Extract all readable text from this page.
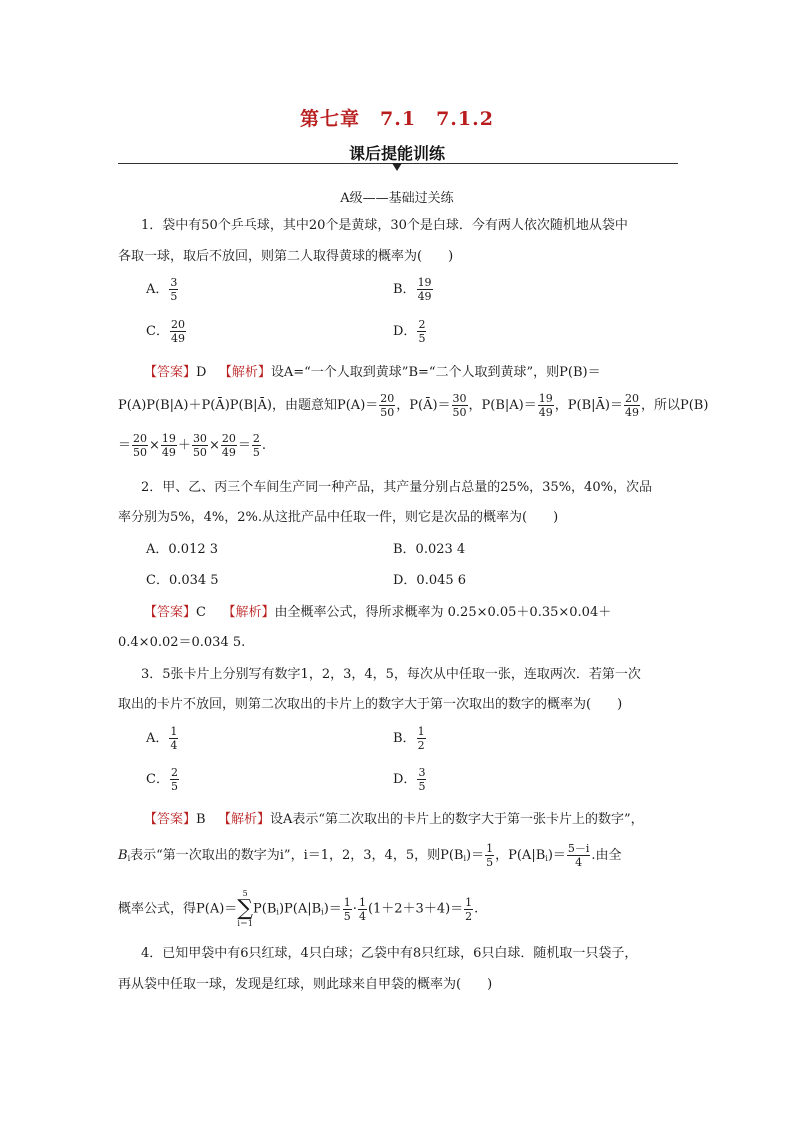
第七章　7.1　7.1.2
课后提能训练
A级——基础过关练
1．袋中有50个乒乓球，其中20个是黄球，30个是白球．今有两人依次随机地从袋中
各取一球，取后不放回，则第二人取得黄球的概率为(　　)
A． $\frac{3}{5}$	B． $\frac{19}{49}$
C． $\frac{20}{49}$	D． $\frac{2}{5}$
【答案】D 【解析】设A=“一个人取到黄球”B=“二个人取到黄球”，则P(B)＝
P(A)P(B|A)＋P(Ā)P(B|Ā)，由题意知$P(A)= \frac{20}{50}$ ，P(Ā)＝ $\frac{30}{50}$ ，$P(B|A)= \frac{19}{49}$ ，P(B|Ā)＝ $\frac{20}{49}$ ，所以P(B)
＝ $\frac{20}{50} \times \frac{19}{49} + \frac{30}{50} \times \frac{20}{49} = \frac{2}{5}$ .
2．甲、乙、丙三个车间生产同一种产品，其产量分别占总量的25%，35%，40%，次品
率分别为5%，4%，2%.从这批产品中任取一件，则它是次品的概率为(　　)
A．0.012 3	B．0.023 4
C．0.034 5	D．0.045 6
【答案】C 【解析】由全概率公式，得所求概率为 0.25×0.05＋0.35×0.04＋
0.4×0.02＝0.034 5.
3．5张卡片上分别写有数字1，2，3，4，5，每次从中任取一张，连取两次．若第一次
取出的卡片不放回，则第二次取出的卡片上的数字大于第一次取出的数字的概率为(　　)
A． $\frac{1}{4}$	B． $\frac{1}{2}$
C． $\frac{2}{5}$	D． $\frac{3}{5}$
【答案】B 【解析】设A表示“第二次取出的卡片上的数字大于第一张卡片上的数字”，
$B_i$表示“第一次取出的数字为i”，i＝1，2，3，4，5，则$P(B_i)= \frac{1}{5}$ ，$P(A|B_i)= \frac{5-i}{4}$ .由全
概率公式，得P(A)＝
5
∑
i＝1
$P(B_i)P(A|B_i)= \frac{1}{5} \cdot \frac{1}{4} (1+2+3+4)= \frac{1}{2}$ .
4．已知甲袋中有6只红球，4只白球；乙袋中有8只红球，6只白球．随机取一只袋子，
再从袋中任取一球，发现是红球，则此球来自甲袋的概率为(　　)
